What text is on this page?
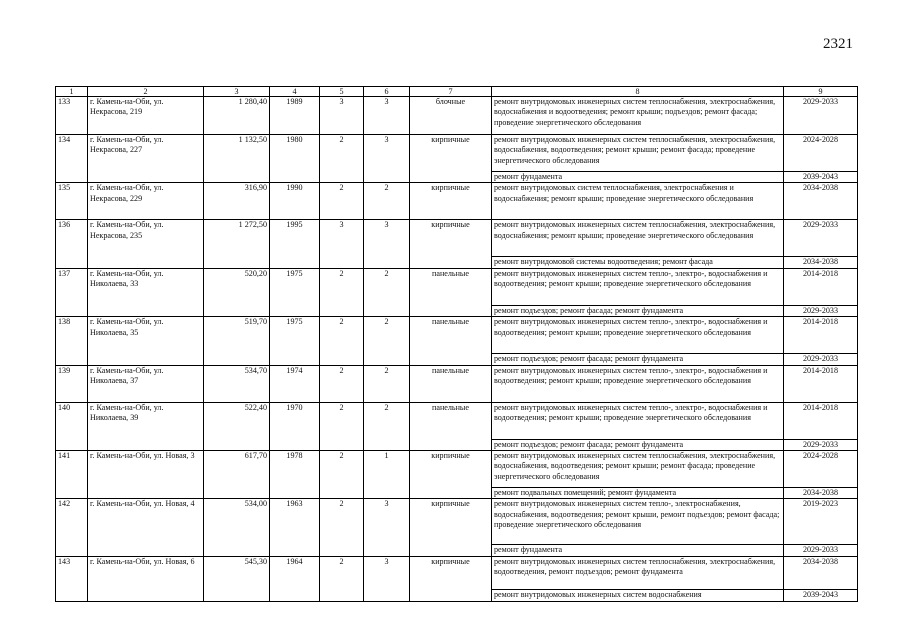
2321
1	2	3	4	5	6	7	8	9
133	г. Камень-на-Оби, ул. Некрасова, 219	1 280,40	1989	3	3	блочные	ремонт внутридомовых инженерных систем теплоснабжения, электроснабжения, водоснабжения и водоотведения; ремонт крыши; подъездов; ремонт фасада; проведение энергетического обследования	2029-2033
134	г. Камень-на-Оби, ул. Некрасова, 227	1 132,50	1980	2	3	кирпичные	ремонт внутридомовых инженерных систем теплоснабжения, электроснабжения, водоснабжения, водоотведения; ремонт крыши; ремонт фасада; проведение энергетического обследования	2024-2028
							ремонт фундамента	2039-2043
135	г. Камень-на-Оби, ул. Некрасова, 229	316,90	1990	2	2	кирпичные	ремонт внутридомовых систем теплоснабжения, электроснабжения и водоснабжения; ремонт крыши; проведение энергетического обследования	2034-2038
136	г. Камень-на-Оби, ул. Некрасова, 235	1 272,50	1995	3	3	кирпичные	ремонт внутридомовых инженерных систем теплоснабжения, электроснабжения, водоснабжения; ремонт крыши; проведение энергетического обследования	2029-2033
							ремонт внутридомовой системы водоотведения; ремонт фасада	2034-2038
137	г. Камень-на-Оби, ул. Николаева, 33	520,20	1975	2	2	панельные	ремонт внутридомовых инженерных систем тепло-, электро-, водоснабжения и водоотведения; ремонт крыши; проведение энергетического обследования	2014-2018
							ремонт подъездов; ремонт фасада; ремонт фундамента	2029-2033
138	г. Камень-на-Оби, ул. Николаева, 35	519,70	1975	2	2	панельные	ремонт внутридомовых инженерных систем тепло-, электро-, водоснабжения и водоотведения; ремонт крыши; проведение энергетического обследования	2014-2018
							ремонт подъездов; ремонт фасада; ремонт фундамента	2029-2033
139	г. Камень-на-Оби, ул. Николаева, 37	534,70	1974	2	2	панельные	ремонт внутридомовых инженерных систем тепло-, электро-, водоснабжения и водоотведения; ремонт крыши; проведение энергетического обследования	2014-2018
140	г. Камень-на-Оби, ул. Николаева, 39	522,40	1970	2	2	панельные	ремонт внутридомовых инженерных систем тепло-, электро-, водоснабжения и водоотведения; ремонт крыши; проведение энергетического обследования	2014-2018
							ремонт подъездов; ремонт фасада; ремонт фундамента	2029-2033
141	г. Камень-на-Оби, ул. Новая, 3	617,70	1978	2	1	кирпичные	ремонт внутридомовых инженерных систем теплоснабжения, электроснабжения, водоснабжения, водоотведения; ремонт крыши; ремонт фасада; проведение энергетического обследования	2024-2028
							ремонт подвальных помещений; ремонт фундамента	2034-2038
142	г. Камень-на-Оби, ул. Новая, 4	534,00	1963	2	3	кирпичные	ремонт внутридомовых инженерных систем тепло-, электроснабжения, водоснабжения, водоотведения; ремонт крыши, ремонт подъездов; ремонт фасада; проведение энергетического обследования	2019-2023
							ремонт фундамента	2029-2033
143	г. Камень-на-Оби, ул. Новая, 6	545,30	1964	2	3	кирпичные	ремонт внутридомовых инженерных систем теплоснабжения, электроснабжения, водоотведения, ремонт подъездов; ремонт фундамента	2034-2038
							ремонт внутридомовых инженерных систем водоснабжения	2039-2043
